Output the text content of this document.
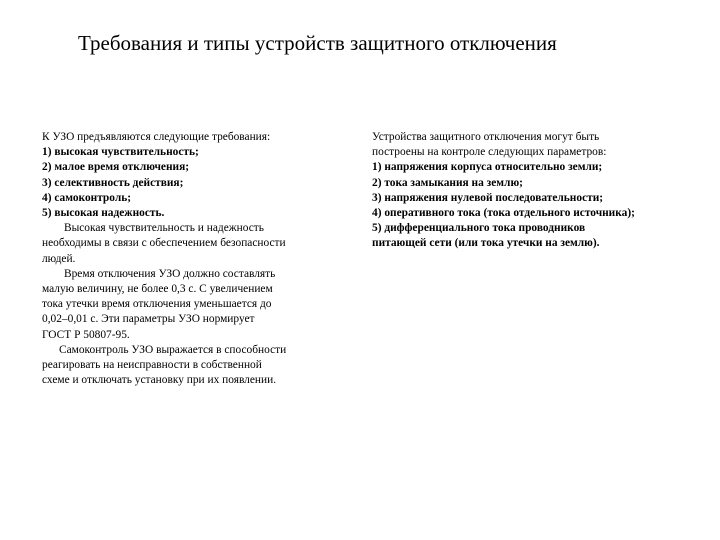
Требования и типы устройств защитного отключения
К УЗО предъявляются следующие требования:
1) высокая чувствительность;
2) малое время отключения;
3) селективность действия;
4) самоконтроль;
5) высокая надежность.
Высокая чувствительность и надежность
необходимы в связи с обеспечением безопасности
людей.
Время отключения УЗО должно составлять
малую величину, не более 0,3 с. С увеличением
тока утечки время отключения уменьшается до
0,02–0,01 с. Эти параметры УЗО нормирует
ГОСТ Р 50807-95.
Самоконтроль УЗО выражается в способности
реагировать на неисправности в собственной
схеме и отключать установку при их появлении.
Устройства защитного отключения могут быть
построены на контроле следующих параметров:
1) напряжения корпуса относительно земли;
2) тока замыкания на землю;
3) напряжения нулевой последовательности;
4) оперативного тока (тока отдельного источника);
5) дифференциального тока проводников
питающей сети (или тока утечки на землю).
